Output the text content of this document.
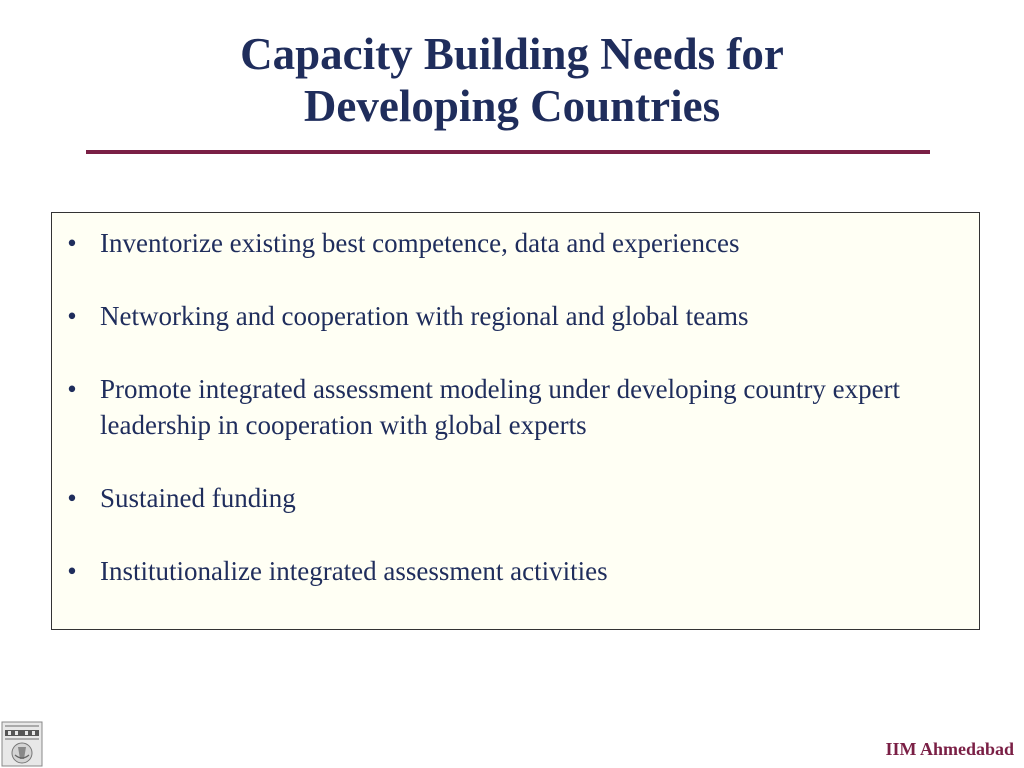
Capacity Building Needs for
Developing Countries
• Inventorize existing best competence, data and experiences
• Networking and cooperation with regional and global teams
• Promote integrated assessment modeling under developing country expert leadership in cooperation with global experts
• Sustained funding
• Institutionalize integrated assessment activities
IIM Ahmedabad
